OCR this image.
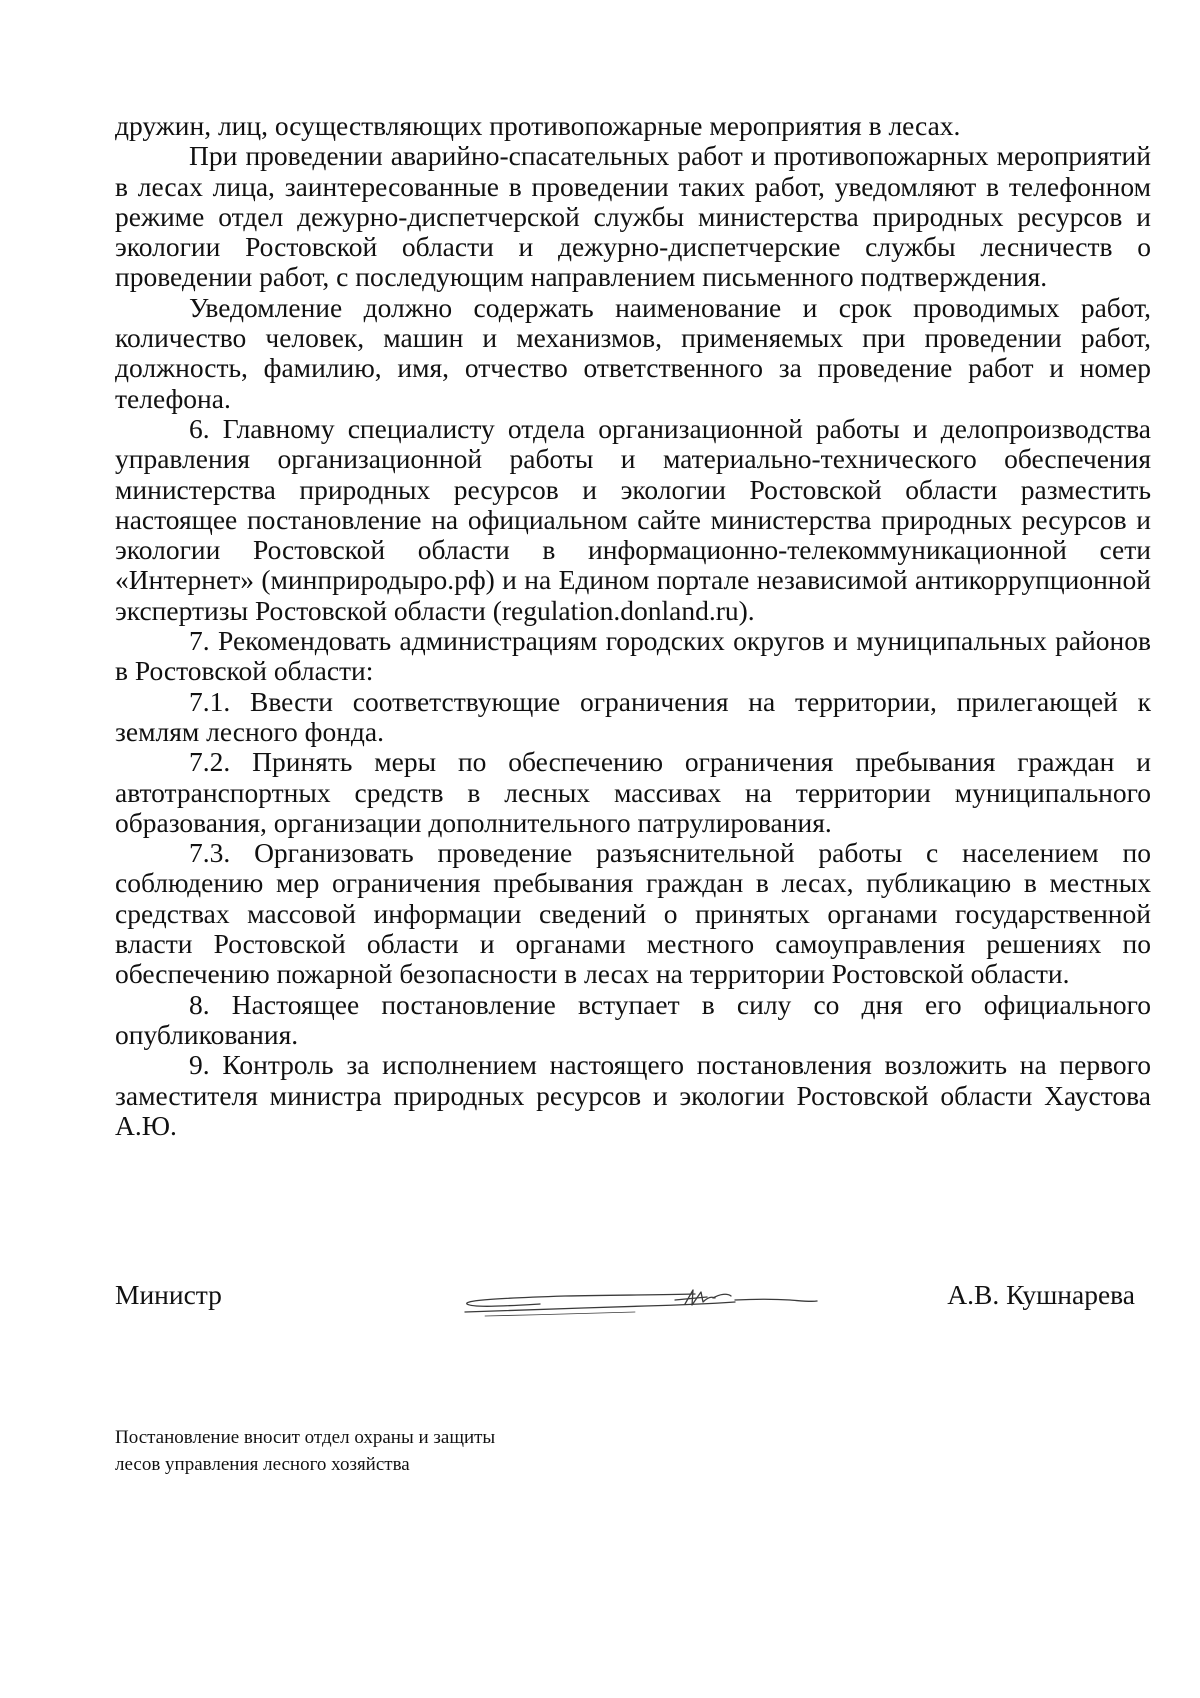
дружин, лиц, осуществляющих противопожарные мероприятия в лесах.

При проведении аварийно-спасательных работ и противопожарных мероприятий в лесах лица, заинтересованные в проведении таких работ, уведомляют в телефонном режиме отдел дежурно-диспетчерской службы министерства природных ресурсов и экологии Ростовской области и дежурно-диспетчерские службы лесничеств о проведении работ, с последующим направлением письменного подтверждения.

Уведомление должно содержать наименование и срок проводимых работ, количество человек, машин и механизмов, применяемых при проведении работ, должность, фамилию, имя, отчество ответственного за проведение работ и номер телефона.

6. Главному специалисту отдела организационной работы и делопроизводства управления организационной работы и материально-технического обеспечения министерства природных ресурсов и экологии Ростовской области разместить настоящее постановление на официальном сайте министерства природных ресурсов и экологии Ростовской области в информационно-телекоммуникационной сети «Интернет» (минприродыро.рф) и на Едином портале независимой антикоррупционной экспертизы Ростовской области (regulation.donland.ru).

7. Рекомендовать администрациям городских округов и муниципальных районов в Ростовской области:

7.1. Ввести соответствующие ограничения на территории, прилегающей к землям лесного фонда.

7.2. Принять меры по обеспечению ограничения пребывания граждан и автотранспортных средств в лесных массивах на территории муниципального образования, организации дополнительного патрулирования.

7.3. Организовать проведение разъяснительной работы с населением по соблюдению мер ограничения пребывания граждан в лесах, публикацию в местных средствах массовой информации сведений о принятых органами государственной власти Ростовской области и органами местного самоуправления решениях по обеспечению пожарной безопасности в лесах на территории Ростовской области.

8. Настоящее постановление вступает в силу со дня его официального опубликования.

9. Контроль за исполнением настоящего постановления возложить на первого заместителя министра природных ресурсов и экологии Ростовской области Хаустова А.Ю.

Министр	А.В. Кушнарева
Постановление вносит отдел охраны и защиты
лесов управления лесного хозяйства
